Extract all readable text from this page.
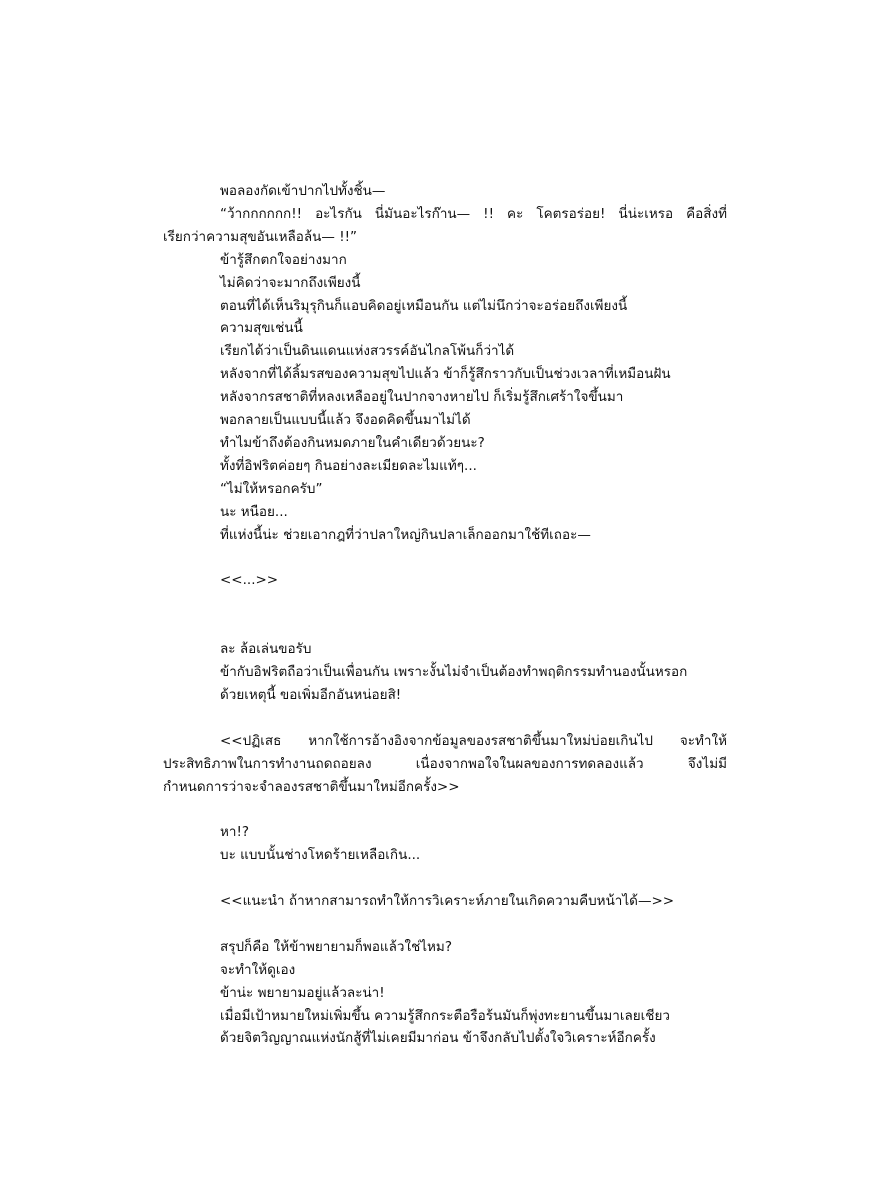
พอลองกัดเข้าปากไปทั้งชิ้น—
“ว้ากกกกกก!! อะไรกัน นี่มันอะไรก๊าน— !! คะ โคตรอร่อย! นี่น่ะเหรอ คือสิ่งที่
เรียกว่าความสุขอันเหลือล้น— !!”
ข้ารู้สึกตกใจอย่างมาก
ไม่คิดว่าจะมากถึงเพียงนี้
ตอนที่ได้เห็นริมุรุกินก็แอบคิดอยู่เหมือนกัน แต่ไม่นึกว่าจะอร่อยถึงเพียงนี้
ความสุขเช่นนี้
เรียกได้ว่าเป็นดินแดนแห่งสวรรค์อันไกลโพ้นก็ว่าได้
หลังจากที่ได้ลิ้มรสของความสุขไปแล้ว ข้าก็รู้สึกราวกับเป็นช่วงเวลาที่เหมือนฝัน
หลังจากรสชาติที่หลงเหลืออยู่ในปากจางหายไป ก็เริ่มรู้สึกเศร้าใจขึ้นมา
พอกลายเป็นแบบนี้แล้ว จึงอดคิดขึ้นมาไม่ได้
ทำไมข้าถึงต้องกินหมดภายในคำเดียวด้วยนะ?
ทั้งที่อิฟริตค่อยๆ กินอย่างละเมียดละไมแท้ๆ...
“ไม่ให้หรอกครับ”
นะ หนือย...
ที่แห่งนี้น่ะ ช่วยเอากฎที่ว่าปลาใหญ่กินปลาเล็กออกมาใช้ทีเถอะ—
<<...>>
ละ ล้อเล่นขอรับ
ข้ากับอิฟริตถือว่าเป็นเพื่อนกัน เพราะงั้นไม่จำเป็นต้องทำพฤติกรรมทำนองนั้นหรอก
ด้วยเหตุนี้ ขอเพิ่มอีกอันหน่อยสิ!
<<ปฏิเสธ หากใช้การอ้างอิงจากข้อมูลของรสชาติขึ้นมาใหม่บ่อยเกินไป จะทำให้
ประสิทธิภาพในการทำงานถดถอยลง เนื่องจากพอใจในผลของการทดลองแล้ว จึงไม่มี
กำหนดการว่าจะจำลองรสชาติขึ้นมาใหม่อีกครั้ง>>
หา!?
บะ แบบนั้นช่างโหดร้ายเหลือเกิน...
<<แนะนำ ถ้าหากสามารถทำให้การวิเคราะห์ภายในเกิดความคืบหน้าได้—>>
สรุปก็คือ ให้ข้าพยายามก็พอแล้วใช่ไหม?
จะทำให้ดูเอง
ข้าน่ะ พยายามอยู่แล้วละน่า!
เมื่อมีเป้าหมายใหม่เพิ่มขึ้น ความรู้สึกกระตือรือร้นมันก็พุ่งทะยานขึ้นมาเลยเชียว
ด้วยจิตวิญญาณแห่งนักสู้ที่ไม่เคยมีมาก่อน ข้าจึงกลับไปตั้งใจวิเคราะห์อีกครั้ง
